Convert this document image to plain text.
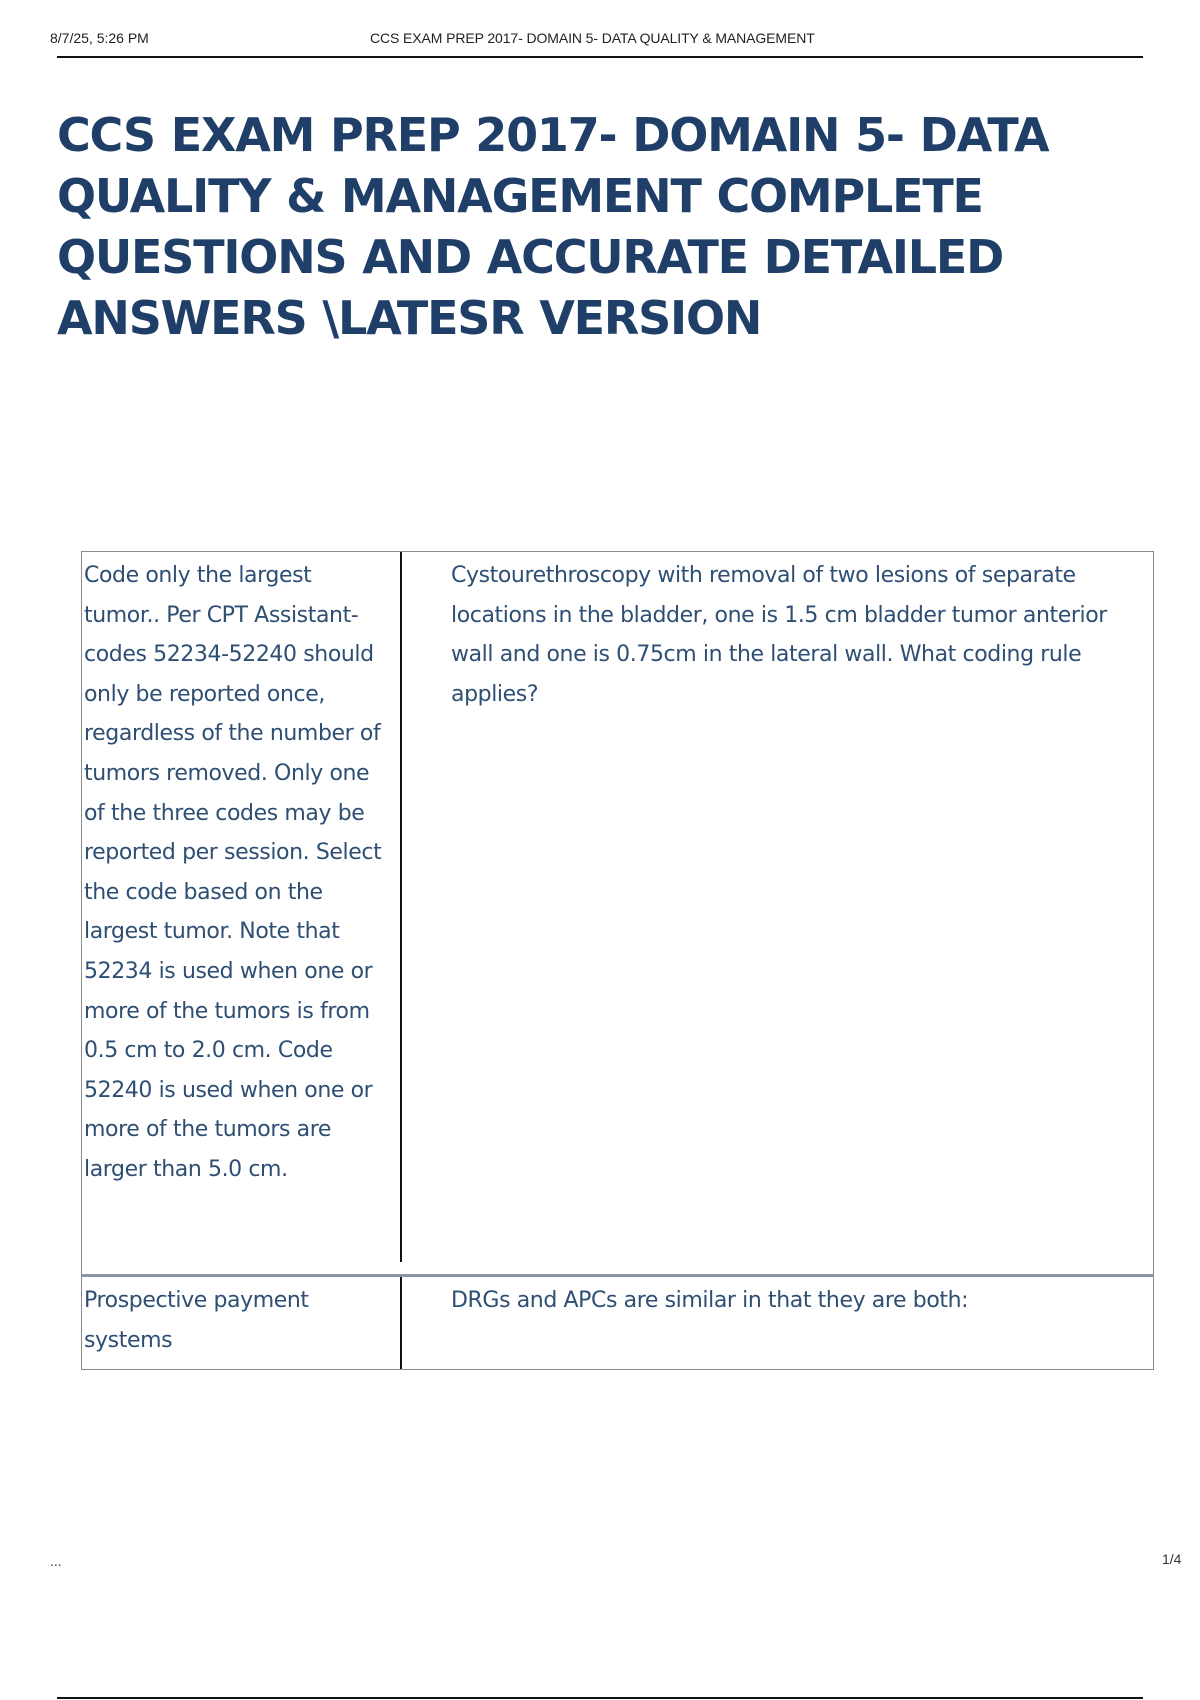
8/7/25, 5:26 PM	CCS EXAM PREP 2017- DOMAIN 5- DATA QUALITY & MANAGEMENT
CCS EXAM PREP 2017- DOMAIN 5- DATA QUALITY & MANAGEMENT COMPLETE QUESTIONS AND ACCURATE DETAILED ANSWERS \LATESR VERSION
Code only the largest tumor.. Per CPT Assistant- codes 52234-52240 should only be reported once, regardless of the number of tumors removed. Only one of the three codes may be reported per session. Select the code based on the largest tumor. Note that 52234 is used when one or more of the tumors is from 0.5 cm to 2.0 cm. Code 52240 is used when one or more of the tumors are larger than 5.0 cm.
Cystourethroscopy with removal of two lesions of separate locations in the bladder, one is 1.5 cm bladder tumor anterior wall and one is 0.75cm in the lateral wall. What coding rule applies?
Prospective payment systems
DRGs and APCs are similar in that they are both:
...	1/4
